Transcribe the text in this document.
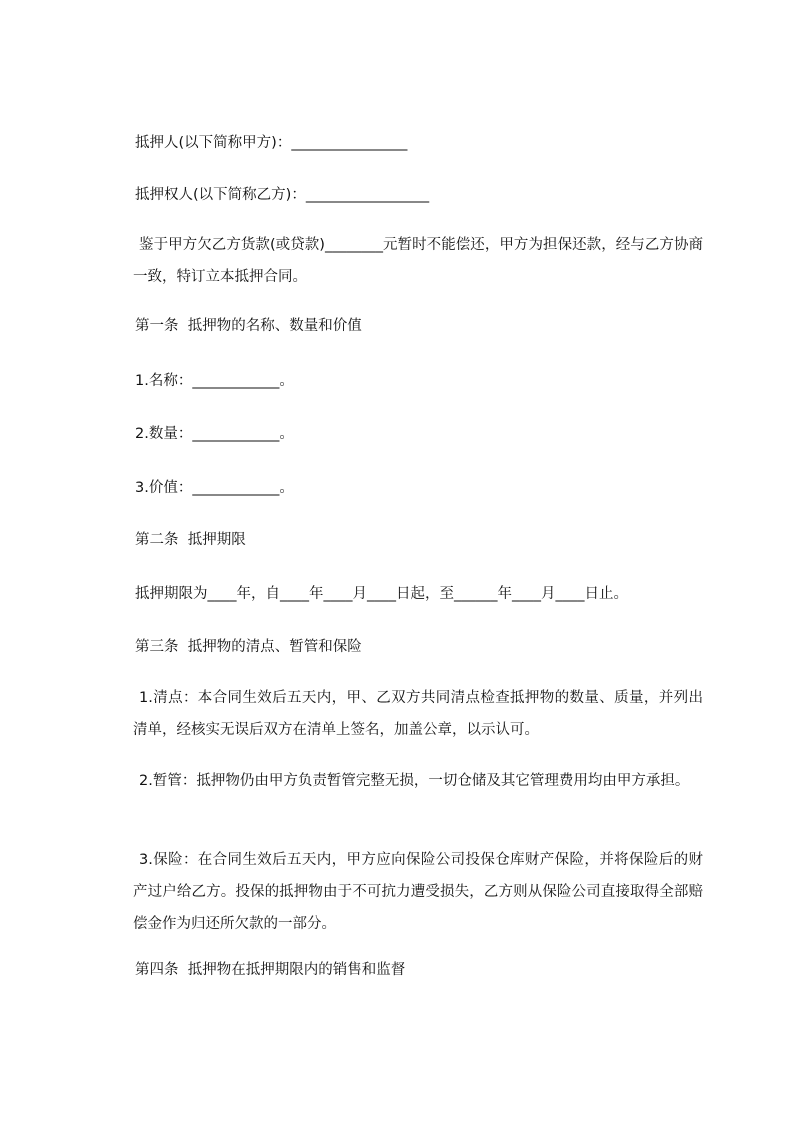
抵押人(以下简称甲方)：________________

抵押权人(以下简称乙方)：_________________

鉴于甲方欠乙方货款(或贷款)________元暂时不能偿还，甲方为担保还款，经与乙方协商一致，特订立本抵押合同。

第一条  抵押物的名称、数量和价值

1.名称：____________。

2.数量：____________。

3.价值：____________。

第二条  抵押期限

抵押期限为____年，自____年____月____日起，至______年____月____日止。

第三条  抵押物的清点、暂管和保险

1.清点：本合同生效后五天内，甲、乙双方共同清点检查抵押物的数量、质量，并列出清单，经核实无误后双方在清单上签名，加盖公章，以示认可。

2.暂管：抵押物仍由甲方负责暂管完整无损，一切仓储及其它管理费用均由甲方承担。

3.保险：在合同生效后五天内，甲方应向保险公司投保仓库财产保险，并将保险后的财产过户给乙方。投保的抵押物由于不可抗力遭受损失，乙方则从保险公司直接取得全部赔偿金作为归还所欠款的一部分。

第四条  抵押物在抵押期限内的销售和监督
